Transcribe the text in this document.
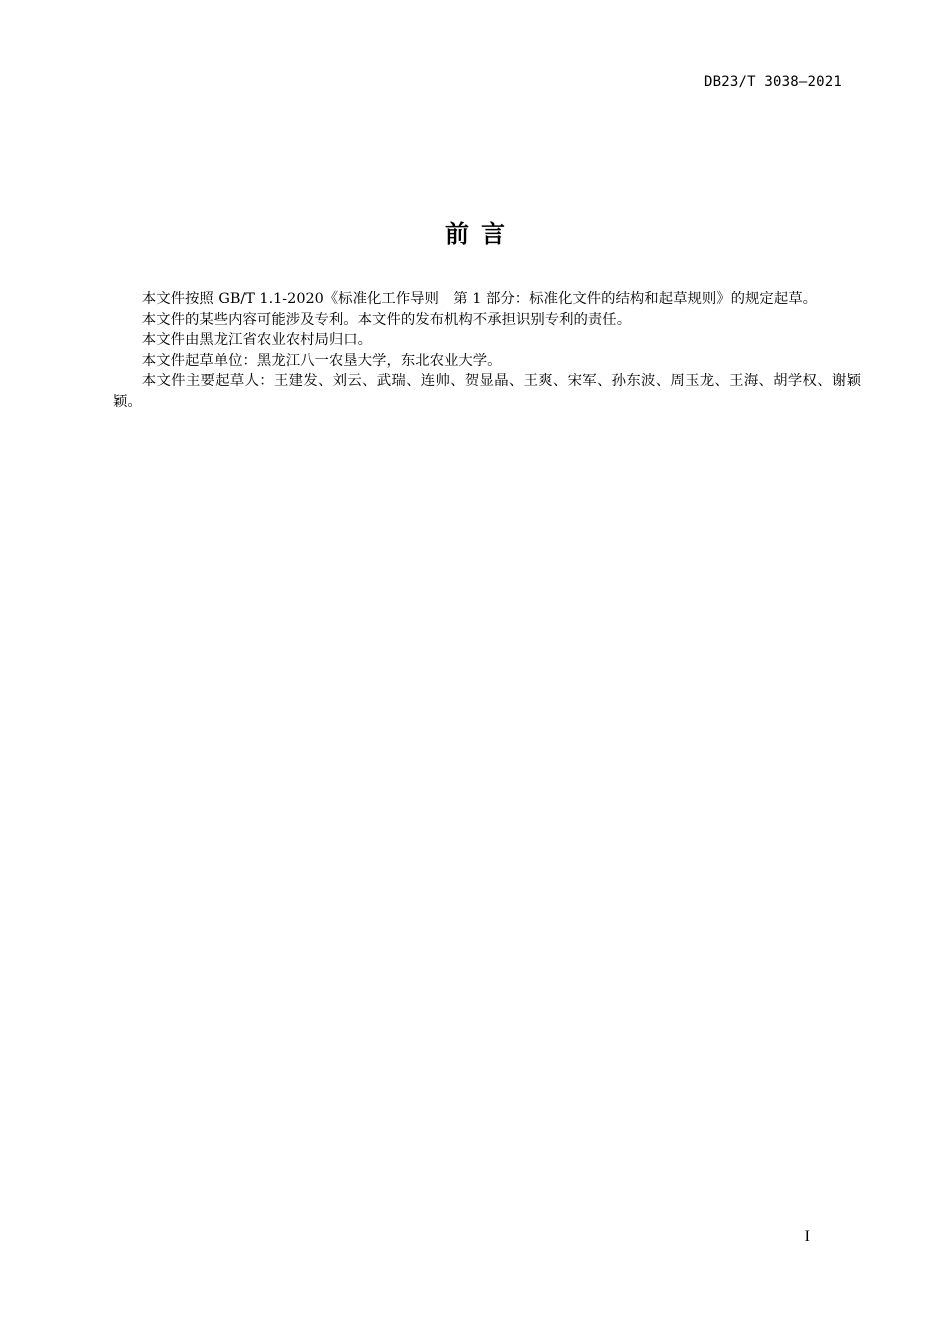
DB23/T 3038—2021
前言

本文件按照 GB/T 1.1-2020《标准化工作导则　第 1 部分：标准化文件的结构和起草规则》的规定起草。

本文件的某些内容可能涉及专利。本文件的发布机构不承担识别专利的责任。

本文件由黑龙江省农业农村局归口。

本文件起草单位：黑龙江八一农垦大学，东北农业大学。

本文件主要起草人：王建发、刘云、武瑞、连帅、贺显晶、王爽、宋军、孙东波、周玉龙、王海、胡学权、谢颖颖。

I
